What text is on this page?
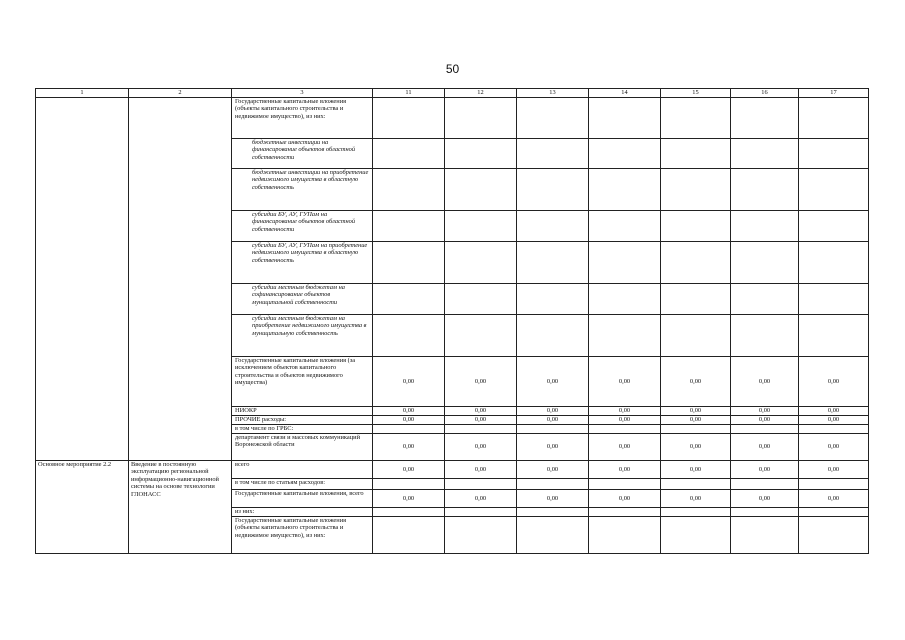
50
1	2	3	11	12	13	14	15	16	17
		Государственные капитальные вложения (объекты капитального строительства и недвижимое имущество), из них:							
		бюджетные инвестиции на финансирование объектов областной собственности							
		бюджетные инвестиции на приобретение недвижимого имущества в областную собственность							
		субсидии БУ, АУ, ГУПам на финансирование объектов областной собственности							
		субсидии БУ, АУ, ГУПам на приобретение недвижимого имущества в областную собственность							
		субсидии местным бюджетам на софинансирование объектов муниципальной собственности							
		субсидии местным бюджетам на приобретение недвижимого имущества в муниципальную собственность							
		Государственные капитальные вложения (за исключением объектов капитального строительства и объектов недвижимого имущества)	0,00	0,00	0,00	0,00	0,00	0,00	0,00
		НИОКР	0,00	0,00	0,00	0,00	0,00	0,00	0,00
		ПРОЧИЕ расходы:	0,00	0,00	0,00	0,00	0,00	0,00	0,00
		в том числе по ГРБС:							
		департамент связи и массовых коммуникаций Воронежской области	0,00	0,00	0,00	0,00	0,00	0,00	0,00
Основное мероприятие 2.2	Введение в постоянную эксплуатацию региональной информационно-навигационной системы на основе технологии ГЛОНАСС	всего	0,00	0,00	0,00	0,00	0,00	0,00	0,00
		в том числе по статьям расходов:							
		Государственные капитальные вложения, всего	0,00	0,00	0,00	0,00	0,00	0,00	0,00
		из них:							
		Государственные капитальные вложения (объекты капитального строительства и недвижимое имущество), из них:							
